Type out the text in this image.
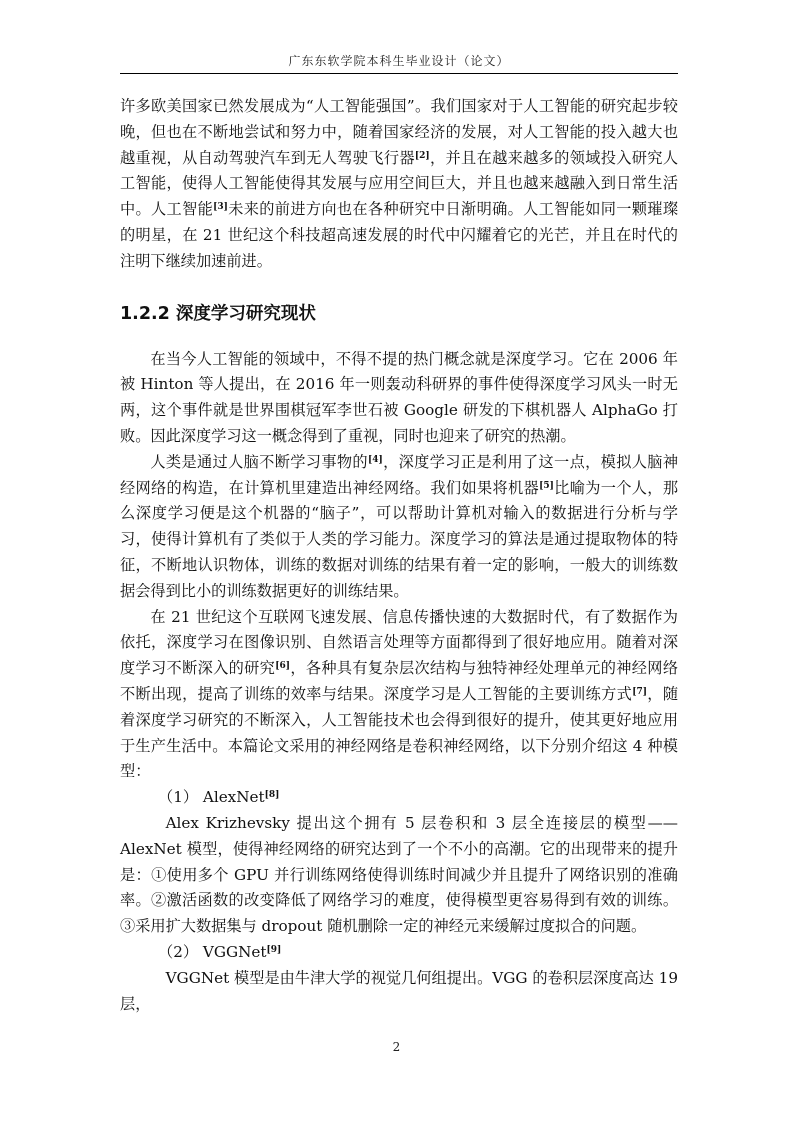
广东东软学院本科生毕业设计（论文）

许多欧美国家已然发展成为“人工智能强国”。我们国家对于人工智能的研究起步较晚，但也在不断地尝试和努力中，随着国家经济的发展，对人工智能的投入越大也越重视，从自动驾驶汽车到无人驾驶飞行器[2]，并且在越来越多的领域投入研究人工智能，使得人工智能使得其发展与应用空间巨大，并且也越来越融入到日常生活中。人工智能[3]未来的前进方向也在各种研究中日渐明确。人工智能如同一颗璀璨的明星，在 21 世纪这个科技超高速发展的时代中闪耀着它的光芒，并且在时代的注明下继续加速前进。

1.2.2 深度学习研究现状

在当今人工智能的领域中，不得不提的热门概念就是深度学习。它在 2006 年被 Hinton 等人提出，在 2016 年一则轰动科研界的事件使得深度学习风头一时无两，这个事件就是世界围棋冠军李世石被 Google 研发的下棋机器人 AlphaGo 打败。因此深度学习这一概念得到了重视，同时也迎来了研究的热潮。

人类是通过人脑不断学习事物的[4]，深度学习正是利用了这一点，模拟人脑神经网络的构造，在计算机里建造出神经网络。我们如果将机器[5]比喻为一个人，那么深度学习便是这个机器的“脑子”，可以帮助计算机对输入的数据进行分析与学习，使得计算机有了类似于人类的学习能力。深度学习的算法是通过提取物体的特征，不断地认识物体，训练的数据对训练的结果有着一定的影响，一般大的训练数据会得到比小的训练数据更好的训练结果。

在 21 世纪这个互联网飞速发展、信息传播快速的大数据时代，有了数据作为依托，深度学习在图像识别、自然语言处理等方面都得到了很好地应用。随着对深度学习不断深入的研究[6]，各种具有复杂层次结构与独特神经处理单元的神经网络不断出现，提高了训练的效率与结果。深度学习是人工智能的主要训练方式[7]，随着深度学习研究的不断深入，人工智能技术也会得到很好的提升，使其更好地应用于生产生活中。本篇论文采用的神经网络是卷积神经网络，以下分别介绍这 4 种模型：

（1） AlexNet[8]

Alex Krizhevsky 提出这个拥有 5 层卷积和 3 层全连接层的模型——AlexNet 模型，使得神经网络的研究达到了一个不小的高潮。它的出现带来的提升是：①使用多个 GPU 并行训练网络使得训练时间减少并且提升了网络识别的准确率。②激活函数的改变降低了网络学习的难度，使得模型更容易得到有效的训练。③采用扩大数据集与 dropout 随机删除一定的神经元来缓解过度拟合的问题。

（2） VGGNet[9]

VGGNet 模型是由牛津大学的视觉几何组提出。VGG 的卷积层深度高达 19 层，

2
